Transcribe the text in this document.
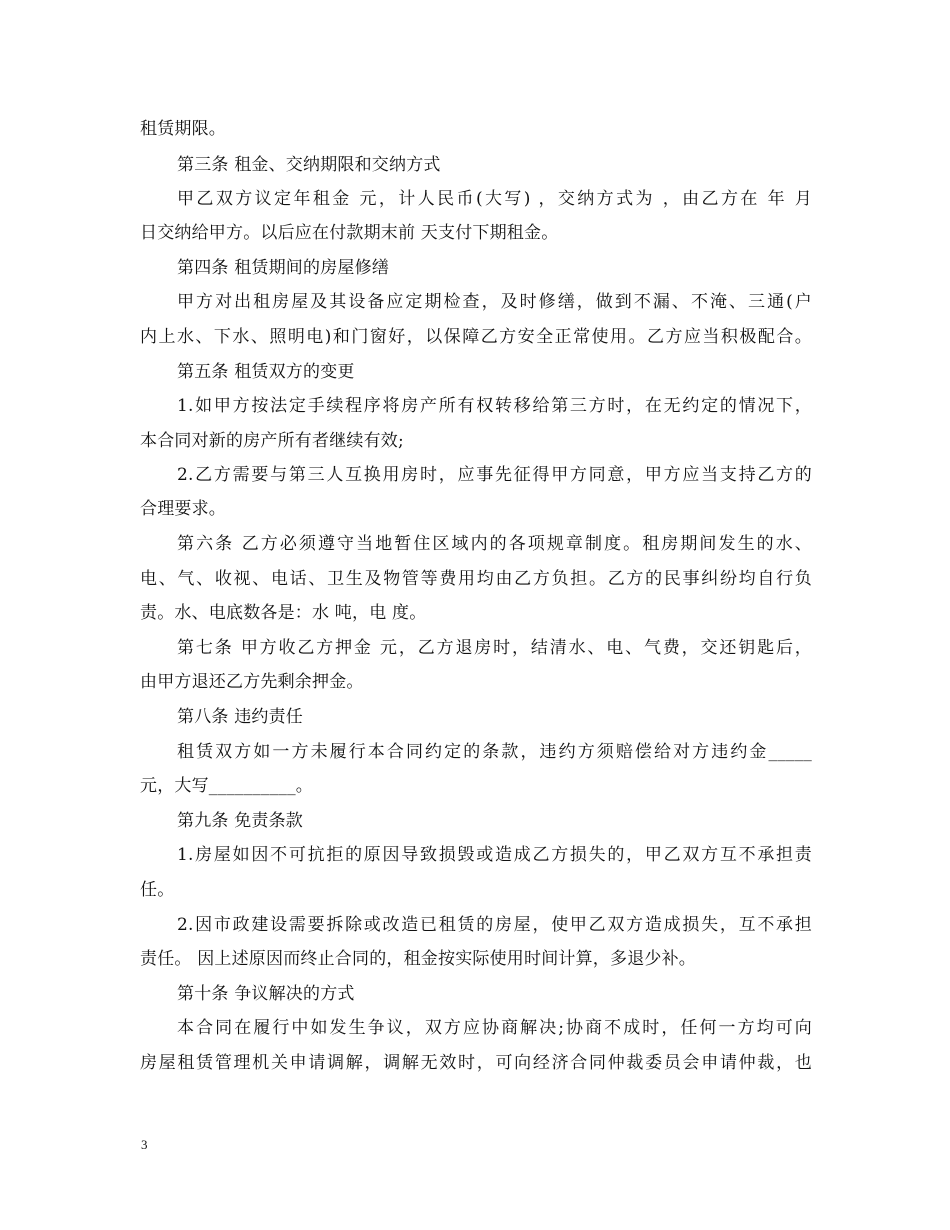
租赁期限。
第三条 租金、交纳期限和交纳方式
甲乙双方议定年租金 元，计人民币(大写) ，交纳方式为 ，由乙方在 年 月
日交纳给甲方。以后应在付款期末前 天支付下期租金。
第四条 租赁期间的房屋修缮
甲方对出租房屋及其设备应定期检查，及时修缮，做到不漏、不淹、三通(户
内上水、下水、照明电)和门窗好，以保障乙方安全正常使用。乙方应当积极配合。
第五条 租赁双方的变更
1.如甲方按法定手续程序将房产所有权转移给第三方时，在无约定的情况下，
本合同对新的房产所有者继续有效;
2.乙方需要与第三人互换用房时，应事先征得甲方同意，甲方应当支持乙方的
合理要求。
第六条 乙方必须遵守当地暂住区域内的各项规章制度。租房期间发生的水、
电、气、收视、电话、卫生及物管等费用均由乙方负担。乙方的民事纠纷均自行负
责。水、电底数各是：水 吨，电 度。
第七条 甲方收乙方押金 元，乙方退房时，结清水、电、气费，交还钥匙后，
由甲方退还乙方先剩余押金。
第八条 违约责任
租赁双方如一方未履行本合同约定的条款，违约方须赔偿给对方违约金_____
元，大写__________。
第九条 免责条款
1.房屋如因不可抗拒的原因导致损毁或造成乙方损失的，甲乙双方互不承担责
任。
2.因市政建设需要拆除或改造已租赁的房屋，使甲乙双方造成损失，互不承担
责任。 因上述原因而终止合同的，租金按实际使用时间计算，多退少补。
第十条 争议解决的方式
本合同在履行中如发生争议，双方应协商解决;协商不成时，任何一方均可向
房屋租赁管理机关申请调解，调解无效时，可向经济合同仲裁委员会申请仲裁，也
3
